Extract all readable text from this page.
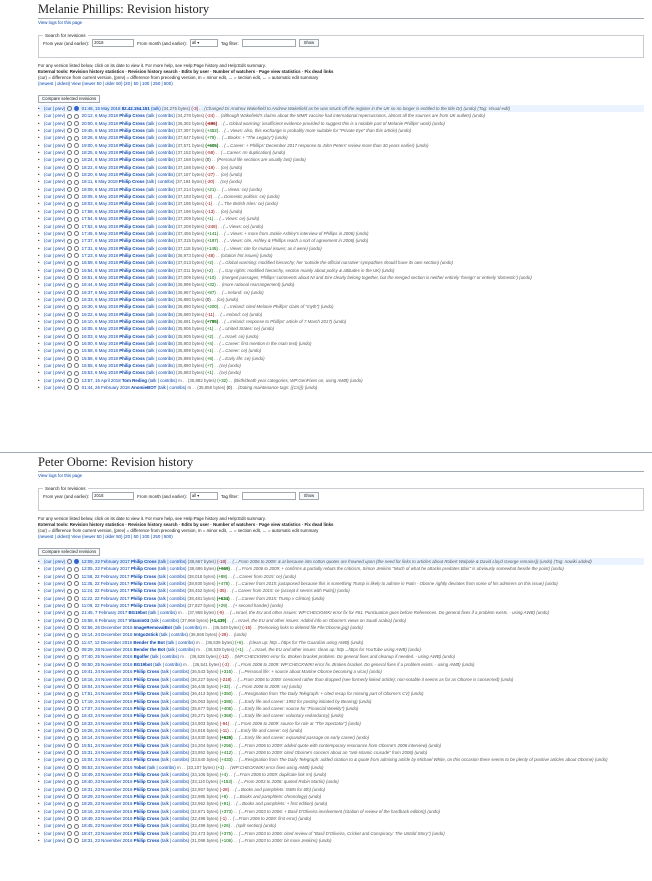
Melanie Phillips: Revision history
View logs for this page
Search for revisions
From year (and earlier):	2018	From month (and earlier):	all ▾	Tag filter:	Show
For any version listed below, click on its date to view it. For more help, see Help:Page history and Help:Edit summary.
External tools: Revision history statistics · Revision history search · Edits by user · Number of watchers · Page view statistics · Fix dead links
(cur) = difference from current version, (prev) = difference from preceding version, m = minor edit, → = section edit, ← = automatic edit summary
(newest | oldest) View (newer 50 | older 50) (20 | 50 | 100 | 250 | 500)
Compare selected revisions
• (cur | prev)	01:48, 15 May 2018 82.42.154.151 (talk) (34,275 bytes) (-3) . . (Changed Dr Andrew Wakefield to Andrew Wakefield as he was struck off the register in the UK so no longer is entitled to the title Dr) (undo) (Tag: Visual edit)
• (cur | prev)	20:12, 6 May 2018 Philip Cross (talk | contribs) (34,278 bytes) (-24) . . (although Wakefield's claims about the MMR vaccine had international repercussions, almost all the sources are from UK outlets) (undo)
• (cur | prev)	20:00, 6 May 2018 Philip Cross (talk | contribs) (36,302 bytes) (-696) . . (→Global warming: insufficient evidence provided to suggest this is a notable part of Melanie Phillips' work) (undo)
• (cur | prev)	19:45, 6 May 2018 Philip Cross (talk | contribs) (37,397 bytes) (+452) . . (→Views: also, this exchange is probably more suitable for "Private Eye" than this article) (undo)
• (cur | prev)	19:26, 6 May 2018 Philip Cross (talk | contribs) (37,647 bytes) (+79) . . (→Books: + "The Legacy") (undo)
• (cur | prev)	19:00, 6 May 2018 Philip Cross (talk | contribs) (37,571 bytes) (+605) . . (→Career: + Phillips' December 2017 response to John Peters' review more than 30 years earlier) (undo)
• (cur | prev)	18:25, 6 May 2018 Philip Cross (talk | contribs) (37,152 bytes) (-58) . . (→Career: rm duplication) (undo)
• (cur | prev)	18:24, 6 May 2018 Philip Cross (talk | contribs) (37,168 bytes) (0) . . (Personal life sections are usually last) (undo)
• (cur | prev)	18:22, 6 May 2018 Philip Cross (talk | contribs) (37,168 bytes) (-19) . . (ce) (undo)
• (cur | prev)	18:20, 6 May 2018 Philip Cross (talk | contribs) (37,187 bytes) (-27) . . (ce) (undo)
• (cur | prev)	18:11, 6 May 2018 Philip Cross (talk | contribs) (37,194 bytes) (-20) . . (ce) (undo)
• (cur | prev)	18:09, 6 May 2018 Philip Cross (talk | contribs) (37,214 bytes) (+21) . . (→Views: ce) (undo)
• (cur | prev)	18:05, 6 May 2018 Philip Cross (talk | contribs) (37,193 bytes) (-2) . . (→Domestic politics: ce) (undo)
• (cur | prev)	18:03, 6 May 2018 Philip Cross (talk | contribs) (37,195 bytes) (-1) . . (→The British Isles: ce) (undo)
• (cur | prev)	17:58, 6 May 2018 Philip Cross (talk | contribs) (37,196 bytes) (-13) . . (ce) (undo)
• (cur | prev)	17:54, 6 May 2018 Philip Cross (talk | contribs) (37,209 bytes) (+1) . . (→Views: ce) (undo)
• (cur | prev)	17:52, 6 May 2018 Philip Cross (talk | contribs) (37,208 bytes) (-248) . . (→Views: ce) (undo)
• (cur | prev)	17:45, 6 May 2018 Philip Cross (talk | contribs) (37,456 bytes) (+141) . . (→Views: + more from Jackie Ashley's interview of Phillips in 2006) (undo)
• (cur | prev)	17:37, 6 May 2018 Philip Cross (talk | contribs) (37,315 bytes) (+197) . . (→Views: cite, Ashley & Phillips reach a sort of agreement in 2006) (undo)
• (cur | prev)	17:31, 6 May 2018 Philip Cross (talk | contribs) (37,118 bytes) (+145) . . (→Views: cite for mutual issues; as it were) (undo)
• (cur | prev)	17:23, 6 May 2018 Philip Cross (talk | contribs) (36,973 bytes) (-48) . . (citation fmt issues) (undo)
• (cur | prev)	16:59, 6 May 2018 Philip Cross (talk | contribs) (37,013 bytes) (+2) . . (→Global warming: modified hierarchy; her 'outside the official narrative' sympathies should have its own section) (undo)
• (cur | prev)	16:54, 6 May 2018 Philip Cross (talk | contribs) (37,011 bytes) (+2) . . (→Gay rights: modified hierarchy, section mainly about policy & attitudes in the UK) (undo)
• (cur | prev)	16:51, 6 May 2018 Philip Cross (talk | contribs) (37,009 bytes) (+10) . . (merged passages; Phillips' comments about NI and Eire clearly belong together, but the merged section is neither entirely 'foreign' or entirely 'domestic') (undo)
• (cur | prev)	16:44, 6 May 2018 Philip Cross (talk | contribs) (36,999 bytes) (+32) . . (more rational rearrangement) (undo)
• (cur | prev)	16:37, 6 May 2018 Philip Cross (talk | contribs) (36,967 bytes) (+87) . . (→Ireland: ce) (undo)
• (cur | prev)	16:33, 6 May 2018 Philip Cross (talk | contribs) (36,880 bytes) (0) . . (ce) (undo)
• (cur | prev)	16:30, 6 May 2018 Philip Cross (talk | contribs) (36,880 bytes) (+200) . . (→Ireland: cited Melanie Phillips' claim of "myth") (undo)
• (cur | prev)	16:22, 6 May 2018 Philip Cross (talk | contribs) (36,680 bytes) (-11) . . (→Ireland: ce) (undo)
• (cur | prev)	16:10, 6 May 2018 Philip Cross (talk | contribs) (36,691 bytes) (+785) . . (→Ireland: response to Phillips' article of 7 March 2017) (undo)
• (cur | prev)	16:05, 6 May 2018 Philip Cross (talk | contribs) (35,906 bytes) (+1) . . (→United States: ce) (undo)
• (cur | prev)	16:03, 6 May 2018 Philip Cross (talk | contribs) (35,905 bytes) (+2) . . (→Israel: ce) (undo)
• (cur | prev)	16:00, 6 May 2018 Philip Cross (talk | contribs) (35,903 bytes) (+4) . . (→Career: first mention in the main text) (undo)
• (cur | prev)	15:58, 6 May 2018 Philip Cross (talk | contribs) (35,899 bytes) (+1) . . (→Career: ce) (undo)
• (cur | prev)	15:56, 6 May 2018 Philip Cross (talk | contribs) (35,898 bytes) (+8) . . (→Early life: ce) (undo)
• (cur | prev)	15:55, 6 May 2018 Philip Cross (talk | contribs) (35,890 bytes) (+7) . . (ce) (undo)
• (cur | prev)	15:53, 6 May 2018 Philip Cross (talk | contribs) (35,883 bytes) (+1) . . (ce) (undo)
• (cur | prev)	13:57, 15 April 2018 Tom Reding (talk | contribs) m . . (35,882 bytes) (+32) . . (Birth/death year categories, WP:GenFixes on, using AWB) (undo)
• (cur | prev)	01:44, 26 February 2018 AnomieBOT (talk | contribs) m . . (35,850 bytes) (0) . . (Dating maintenance tags: {{Cn}}) (undo)
Peter Oborne: Revision history
View logs for this page
Search for revisions
From year (and earlier):	2018	From month (and earlier):	all ▾	Tag filter:	Show
For any version listed below, click on its date to view it. For more help, see Help:Page history and Help:Edit summary.
External tools: Revision history statistics · Revision history search · Edits by user · Number of watchers · Page view statistics · Fix dead links
(cur) = difference from current version, (prev) = difference from preceding version, m = minor edit, → = section edit, ← = automatic edit summary
(newest | oldest) View (newer 50 | older 50) (20 | 50 | 100 | 250 | 500)
Compare selected revisions
• (cur | prev)	12:09, 22 February 2017 Philip Cross (talk | contribs) (38,667 bytes) (-18) . . (→From 2006 to 2009: & at because into cotton quotes are frowned upon (the need for links to articles about Robert Walpole & David Lloyd George remains)) (undo) (Tag: nowiki added)
• (cur | prev)	12:05, 22 February 2017 Philip Cross (talk | contribs) (38,686 bytes) (+669) . . (→From 2006 to 2009: + confirms & partially rebuts the criticism, Simon Jenkins "Much of what he attacks predates Blair" is obviously somewhat beside the point) (undo)
• (cur | prev)	11:58, 22 February 2017 Philip Cross (talk | contribs) (38,018 bytes) (+88) . . (→Career from 2015: ce) (undo)
• (cur | prev)	11:35, 22 February 2017 Philip Cross (talk | contribs) (38,930 bytes) (+478) . . (→Career from 2015: juxtaposed because this is something Trump is likely to admire in Putin - Oborne rightly deviates from some of his admirers on this issue) (undo)
• (cur | prev)	11:24, 22 February 2017 Philip Cross (talk | contribs) (38,452 bytes) (-35) . . (→Career from 2015: ce (accept it seems with Putin)) (undo)
• (cur | prev)	11:22, 22 February 2017 Philip Cross (talk | contribs) (38,481 bytes) (+634) . . (→Career from 2015: Trump v Clinton) (undo)
• (cur | prev)	11:09, 22 February 2017 Philip Cross (talk | contribs) (37,827 bytes) (+29) . . (+ second hander) (undo)
• (cur | prev)	21:45, 7 February 2017 BG19bot (talk | contribs) m . . (37,968 bytes) (-9) . . (→Israel, the EU and other issues: WP:CHECKWIKI error fix for #61. Punctuation goes before References. Do general fixes if a problem exists. - using AWB) (undo)
• (cur | prev)	15:58, 6 February 2017 Vitamin03 (talk | contribs) (37,966 bytes) (+1,439) . . (→Israel, the EU and other issues: Added info on Oborne's views on Saudi arabia) (undo)
• (cur | prev)	02:56, 26 December 2016 ImageRemovalBot (talk | contribs) m . . (36,549 bytes) (-16) . . (Removing links to deleted file File:Oborne.jpg) (undo)
• (cur | prev)	15:14, 24 December 2016 Imtgo2stick (talk | contribs) (36,565 bytes) (-29) . . (undo)
• (cur | prev)	11:47, 12 December 2016 Bender the Bot (talk | contribs) m . . (36,539 bytes) (+6) . . (clean up: http→https for The Guardian using AWB) (undo)
• (cur | prev)	08:29, 28 November 2016 Bender the Bot (talk | contribs) m . . (36,539 bytes) (+1) . . (→Israel, the EU and other issues: clean up: http→https for YouTube using AWB) (undo)
• (cur | prev)	07:40, 25 November 2016 Bgolfer (talk | contribs) m . . (36,528 bytes) (-12) . . (WP:CHECKWIKI error fix. Broken bracket problem. Do general fixes and cleanup if needed. - using AWB) (undo)
• (cur | prev)	06:50, 25 November 2016 BG19bot (talk | contribs) m . . (36,541 bytes) (-2) . . (→From 2006 to 2009: WP:CHECKWIKI error fix. Broken bracket. Do general fixes if a problem exists. - using AWB) (undo)
• (cur | prev)	19:41, 24 November 2016 Philip Cross (talk | contribs) (36,543 bytes) (+316) . . (→Personal life: + source about Martine Oborne becoming a vicar) (undo)
• (cur | prev)	18:16, 24 November 2016 Philip Cross (talk | contribs) (36,227 bytes) (-218) . . (→From 2006 to 2009: censored rather than dropped (see formerly linked article); non-notable it seems as far as Oborne is concerned) (undo)
• (cur | prev)	18:04, 24 November 2016 Philip Cross (talk | contribs) (36,445 bytes) (+32) . . (→From 2006 to 2009: ce) (undo)
• (cur | prev)	17:51, 24 November 2016 Philip Cross (talk | contribs) (36,413 bytes) (+350) . . (→Resignation from The Daily Telegraph: + cited recap for missing part of Oborne's CV) (undo)
• (cur | prev)	17:19, 24 November 2016 Philip Cross (talk | contribs) (36,063 bytes) (+386) . . (→Early life and career: 1992 for posting initiated by Bearing) (undo)
• (cur | prev)	17:07, 24 November 2016 Philip Cross (talk | contribs) (35,677 bytes) (+406) . . (→Early life and career: source for "Financial Weekly") (undo)
• (cur | prev)	16:43, 24 November 2016 Philip Cross (talk | contribs) (35,271 bytes) (+368) . . (→Early life and career: voluntary redundancy) (undo)
• (cur | prev)	16:33, 24 November 2016 Philip Cross (talk | contribs) (34,903 bytes) (-94) . . (→From 2006 to 2009: source for role at "The Spectator") (undo)
• (cur | prev)	16:26, 24 November 2016 Philip Cross (talk | contribs) (34,818 bytes) (-11) . . (→Early life and career: ce) (undo)
• (cur | prev)	16:14, 24 November 2016 Philip Cross (talk | contribs) (34,830 bytes) (+626) . . (→Early life and career: expanded passage on early career) (undo)
• (cur | prev)	15:51, 24 November 2016 Philip Cross (talk | contribs) (34,204 bytes) (+256) . . (→From 2006 to 2009: added quote with contemporary resonance from Oborne's 2006 interview) (undo)
• (cur | prev)	15:31, 24 November 2016 Philip Cross (talk | contribs) (33,952 bytes) (+412) . . (→From 2006 to 2009: cited Oborne's concern about an "anti-Islamic crusade" from 2006) (undo)
• (cur | prev)	15:04, 24 November 2016 Philip Cross (talk | contribs) (33,540 bytes) (+433) . . (→Resignation from The Daily Telegraph: added citation to & quote from admiring article by Michael White, on this occasion there seems to be plenty of positive articles about Oborne) (undo)
• (cur | prev)	06:53, 24 November 2016 Yobot (talk | contribs) m . . (33,107 bytes) (+1) . . (WP:CHECKWIKI error fixes using AWB) (undo)
• (cur | prev)	18:49, 23 November 2016 Philip Cross (talk | contribs) (33,106 bytes) (+4) . . (→From 2006 to 2009: duplicate link rm) (undo)
• (cur | prev)	18:40, 23 November 2016 Philip Cross (talk | contribs) (33,110 bytes) (+153) . . (→From 2003 to 2006: quoted Robin Martin) (undo)
• (cur | prev)	18:31, 23 November 2016 Philip Cross (talk | contribs) (32,957 bytes) (-28) . . (→Books and pamphlets: ISBN for 6th) (undo)
• (cur | prev)	18:29, 23 November 2016 Philip Cross (talk | contribs) (32,985 bytes) (+8) . . (→Books and pamphlets: chronology) (undo)
• (cur | prev)	18:25, 23 November 2016 Philip Cross (talk | contribs) (32,962 bytes) (+91) . . (→Books and pamphlets: + first edition) (undo)
• (cur | prev)	18:16, 23 November 2016 Philip Cross (talk | contribs) (32,871 bytes) (+373) . . (→From 2003 to 2006: + Basil D'Oliveira involvement (citation of review of the hardback edition)) (undo)
• (cur | prev)	18:49, 23 November 2016 Philip Cross (talk | contribs) (32,498 bytes) (-1) . . (→From 2006 to 2009: first error) (undo)
• (cur | prev)	18:45, 23 November 2016 Philip Cross (talk | contribs) (32,499 bytes) (+26) . . (split section) (undo)
• (cur | prev)	18:47, 23 November 2016 Philip Cross (talk | contribs) (32,473 bytes) (+375) . . (→From 2003 to 2006: cited review of "Basil D'Oliveira, Cricket and Conspiracy: The Untold Story") (undo)
• (cur | prev)	18:31, 23 November 2016 Philip Cross (talk | contribs) (31,098 bytes) (+106) . . (→From 2003 to 2006: bit more Jenkins) (undo)
